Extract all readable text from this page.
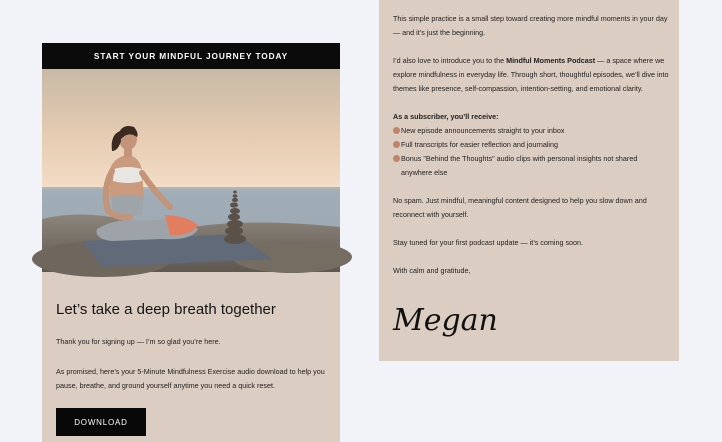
START YOUR MINDFUL JOURNEY TODAY
Let’s take a deep breath together
Thank you for signing up — I’m so glad you’re here.
As promised, here’s your 5-Minute Mindfulness Exercise audio download to help you pause, breathe, and ground yourself anytime you need a quick reset.
DOWNLOAD
This simple practice is a small step toward creating more mindful moments in your day — and it’s just the beginning.
I’d also love to introduce you to the Mindful Moments Podcast — a space where we explore mindfulness in everyday life. Through short, thoughtful episodes, we’ll dive into themes like presence, self-compassion, intention-setting, and emotional clarity.
As a subscriber, you’ll receive:
New episode announcements straight to your inbox
Full transcripts for easier reflection and journaling
Bonus "Behind the Thoughts" audio clips with personal insights not shared anywhere else
No spam. Just mindful, meaningful content designed to help you slow down and reconnect with yourself.
Stay tuned for your first podcast update — it’s coming soon.
With calm and gratitude,
Megan
